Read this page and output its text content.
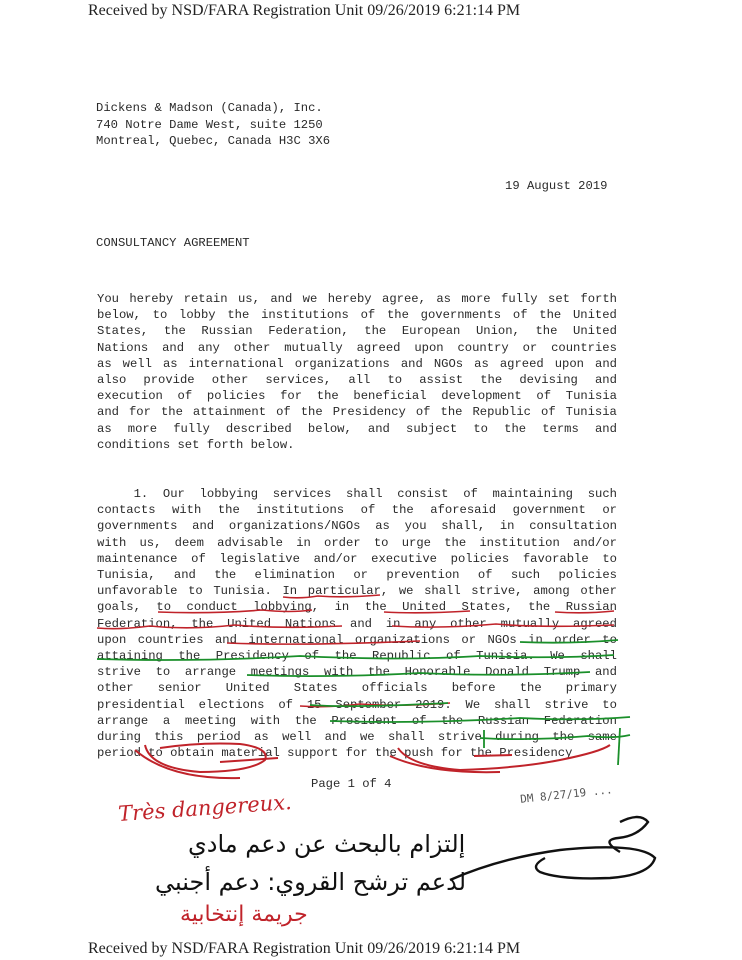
Received by NSD/FARA Registration Unit 09/26/2019 6:21:14 PM
Dickens & Madson (Canada), Inc.
740 Notre Dame West, suite 1250
Montreal, Quebec, Canada H3C 3X6
19 August 2019
CONSULTANCY AGREEMENT
You hereby retain us, and we hereby agree, as more fully set forth
below, to lobby the institutions of the governments of the United
States, the Russian Federation, the European Union, the United
Nations and any other mutually agreed upon country or countries
as well as international organizations and NGOs as agreed upon and
also provide other services, all to assist the devising and
execution of policies for the beneficial development of Tunisia
and for the attainment of the Presidency of the Republic of Tunisia
as more fully described below, and subject to the terms and
conditions set forth below.
1. Our lobbying services shall consist of maintaining such
contacts with the institutions of the aforesaid government or
governments and organizations/NGOs as you shall, in consultation
with us, deem advisable in order to urge the institution and/or
maintenance of legislative and/or executive policies favorable to
Tunisia, and the elimination or prevention of such policies
unfavorable to Tunisia. In particular, we shall strive, among other
goals, to conduct lobbying, in the United States, the Russian
Federation, the United Nations and in any other mutually agreed
upon countries and international organizations or NGOs in order to
attaining the Presidency of the Republic of Tunisia. We shall
strive to arrange meetings with the Honorable Donald Trump and
other senior United States officials before the primary
presidential elections of 15 September 2019. We shall strive to
arrange a meeting with the President of the Russian Federation
during this period as well and we shall strive during the same
period to obtain material support for the push for the Presidency
Page 1 of 4
Très dangereux.
إلتزام بالبحث عن دعم مادي
لدعم ترشح القروي: دعم أجنبي
جريمة إنتخابية
DM 8/27/19 ...
Received by NSD/FARA Registration Unit 09/26/2019 6:21:14 PM
